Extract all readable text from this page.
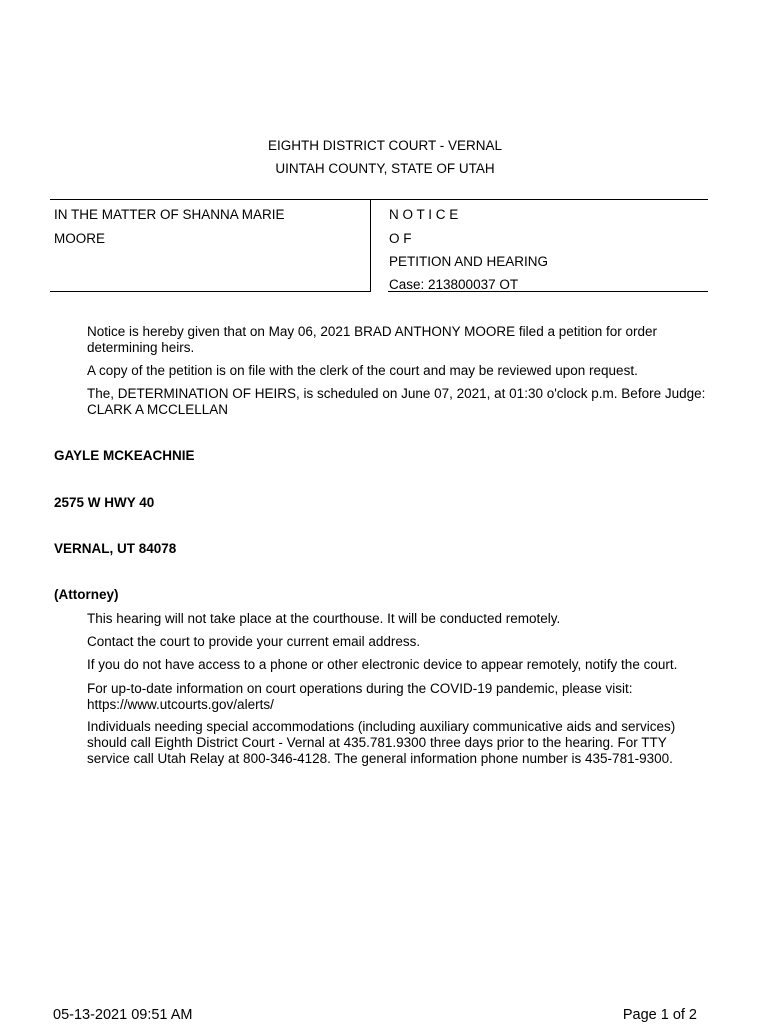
EIGHTH DISTRICT COURT - VERNAL
UINTAH COUNTY, STATE OF UTAH
IN THE MATTER OF SHANNA MARIE
MOORE
N O T I C E
O F
PETITION AND HEARING
Case: 213800037 OT
Notice is hereby given that on May 06, 2021 BRAD ANTHONY MOORE filed a petition for order determining heirs.
A copy of the petition is on file with the clerk of the court and may be reviewed upon request.
The, DETERMINATION OF HEIRS, is scheduled on June 07, 2021, at 01:30 o'clock p.m. Before Judge: CLARK A MCCLELLAN
GAYLE MCKEACHNIE
2575 W HWY 40
VERNAL, UT 84078
(Attorney)
This hearing will not take place at the courthouse. It will be conducted remotely.
Contact the court to provide your current email address.
If you do not have access to a phone or other electronic device to appear remotely, notify the court.
For up-to-date information on court operations during the COVID-19 pandemic, please visit: https://www.utcourts.gov/alerts/
Individuals needing special accommodations (including auxiliary communicative aids and services) should call Eighth District Court - Vernal at 435.781.9300 three days prior to the hearing. For TTY service call Utah Relay at 800-346-4128. The general information phone number is 435-781-9300.
05-13-2021 09:51 AM	Page 1 of 2
